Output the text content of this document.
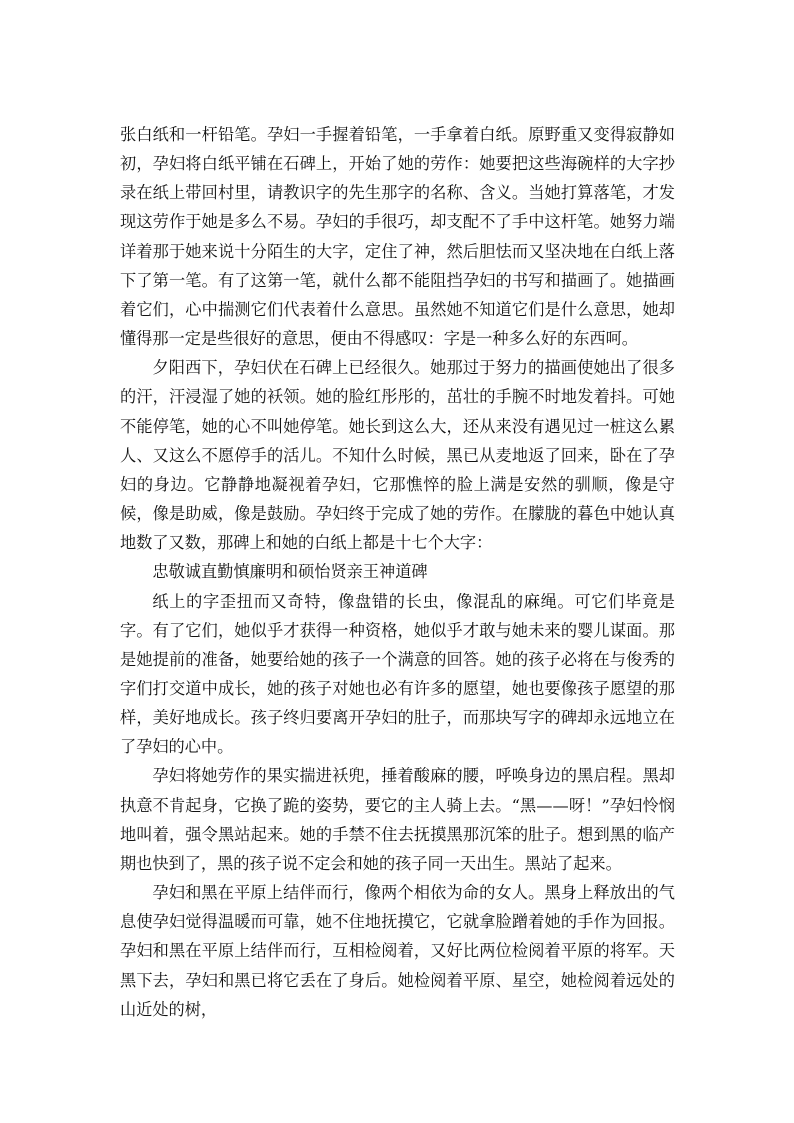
张白纸和一杆铅笔。孕妇一手握着铅笔，一手拿着白纸。原野重又变得寂静如初，孕妇将白纸平铺在石碑上，开始了她的劳作：她要把这些海碗样的大字抄录在纸上带回村里，请教识字的先生那字的名称、含义。当她打算落笔，才发现这劳作于她是多么不易。孕妇的手很巧，却支配不了手中这杆笔。她努力端详着那于她来说十分陌生的大字，定住了神，然后胆怯而又坚决地在白纸上落下了第一笔。有了这第一笔，就什么都不能阻挡孕妇的书写和描画了。她描画着它们，心中揣测它们代表着什么意思。虽然她不知道它们是什么意思，她却懂得那一定是些很好的意思，便由不得感叹：字是一种多么好的东西呵。

夕阳西下，孕妇伏在石碑上已经很久。她那过于努力的描画使她出了很多的汗，汗浸湿了她的袄领。她的脸红彤彤的，茁壮的手腕不时地发着抖。可她不能停笔，她的心不叫她停笔。她长到这么大，还从来没有遇见过一桩这么累人、又这么不愿停手的活儿。不知什么时候，黑已从麦地返了回来，卧在了孕妇的身边。它静静地凝视着孕妇，它那憔悴的脸上满是安然的驯顺，像是守候，像是助威，像是鼓励。孕妇终于完成了她的劳作。在朦胧的暮色中她认真地数了又数，那碑上和她的白纸上都是十七个大字：

忠敬诚直勤慎廉明和硕怡贤亲王神道碑

纸上的字歪扭而又奇特，像盘错的长虫，像混乱的麻绳。可它们毕竟是字。有了它们，她似乎才获得一种资格，她似乎才敢与她未来的婴儿谋面。那是她提前的准备，她要给她的孩子一个满意的回答。她的孩子必将在与俊秀的字们打交道中成长，她的孩子对她也必有许多的愿望，她也要像孩子愿望的那样，美好地成长。孩子终归要离开孕妇的肚子，而那块写字的碑却永远地立在了孕妇的心中。

孕妇将她劳作的果实揣进袄兜，捶着酸麻的腰，呼唤身边的黑启程。黑却执意不肯起身，它换了跪的姿势，要它的主人骑上去。“黑——呀！”孕妇怜悯地叫着，强令黑站起来。她的手禁不住去抚摸黑那沉笨的肚子。想到黑的临产期也快到了，黑的孩子说不定会和她的孩子同一天出生。黑站了起来。

孕妇和黑在平原上结伴而行，像两个相依为命的女人。黑身上释放出的气息使孕妇觉得温暖而可靠，她不住地抚摸它，它就拿脸蹭着她的手作为回报。孕妇和黑在平原上结伴而行，互相检阅着，又好比两位检阅着平原的将军。天黑下去，孕妇和黑已将它丢在了身后。她检阅着平原、星空，她检阅着远处的山近处的树，
